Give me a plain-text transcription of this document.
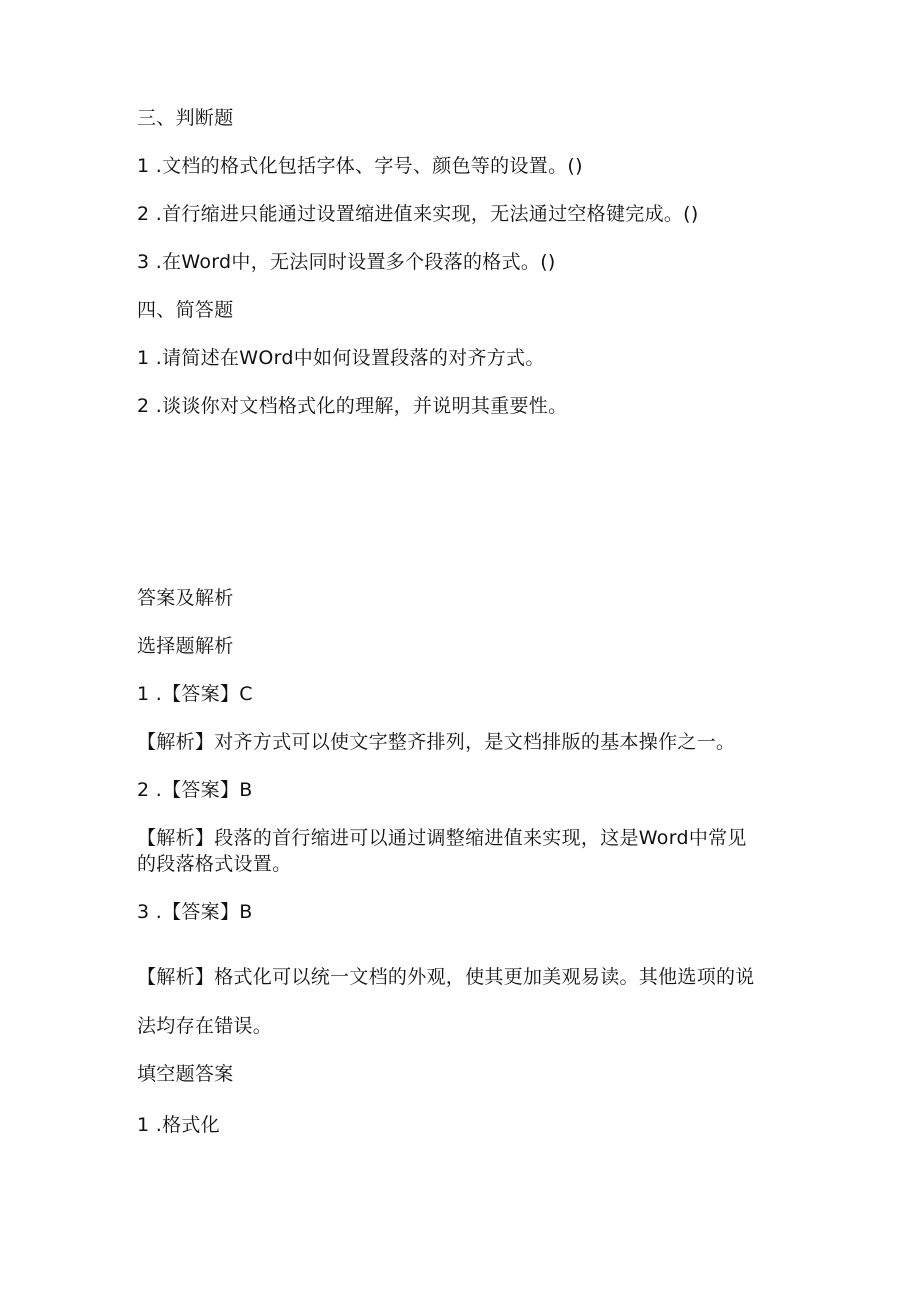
三、判断题
1 .文档的格式化包括字体、字号、颜色等的设置。()
2 .首行缩进只能通过设置缩进值来实现，无法通过空格键完成。()
3 .在Word中，无法同时设置多个段落的格式。()
四、简答题
1 .请简述在WOrd中如何设置段落的对齐方式。
2 .谈谈你对文档格式化的理解，并说明其重要性。
答案及解析
选择题解析
1 .【答案】C
【解析】对齐方式可以使文字整齐排列，是文档排版的基本操作之一。
2 .【答案】B
【解析】段落的首行缩进可以通过调整缩进值来实现，这是Word中常见
的段落格式设置。
3 .【答案】B
【解析】格式化可以统一文档的外观，使其更加美观易读。其他选项的说
法均存在错误。
填空题答案
1 .格式化
